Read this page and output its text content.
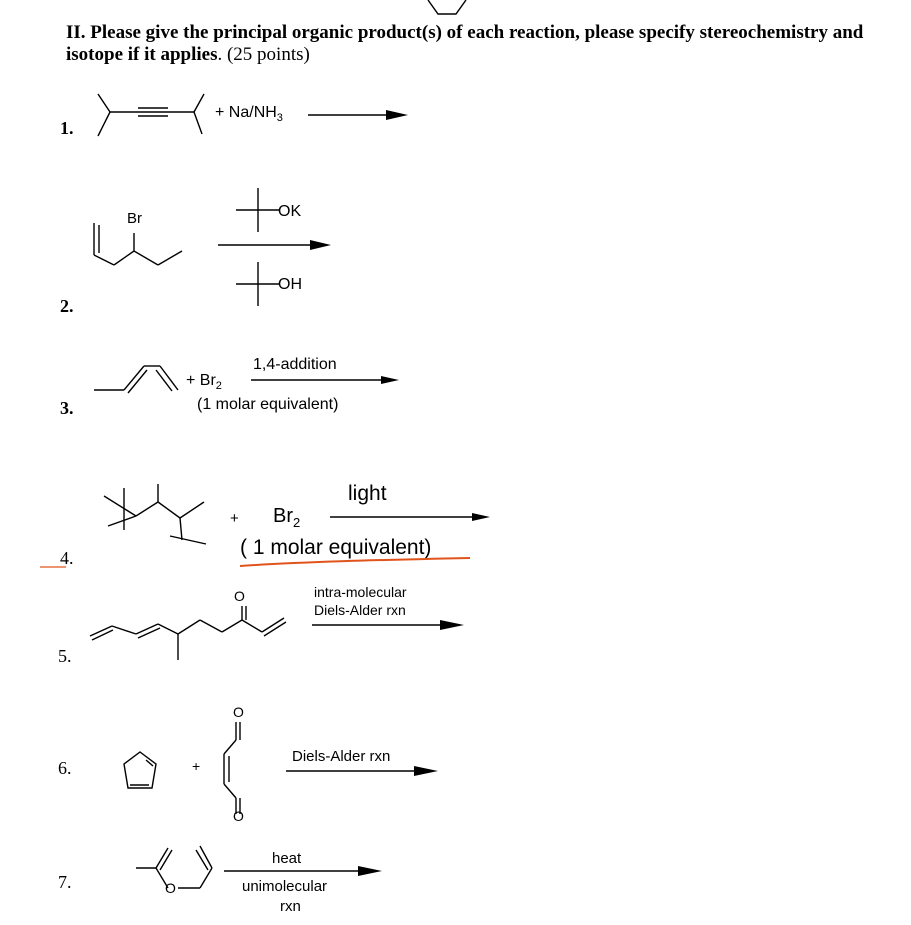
II. Please give the principal organic product(s) of each reaction, please specify stereochemistry and isotope if it applies. (25 points)
1.
+ $Na/NH_3$
2.
Br	OK
OH
3.
+ $Br_2$
1,4-addition
(1 molar equivalent)
4.
+ $Br_2$
light
( 1 molar equivalent)
5.
O	intra-molecular
Diels-Alder rxn
6.	+
O
O
Diels-Alder rxn
7.	O
heat
unimolecular
rxn
